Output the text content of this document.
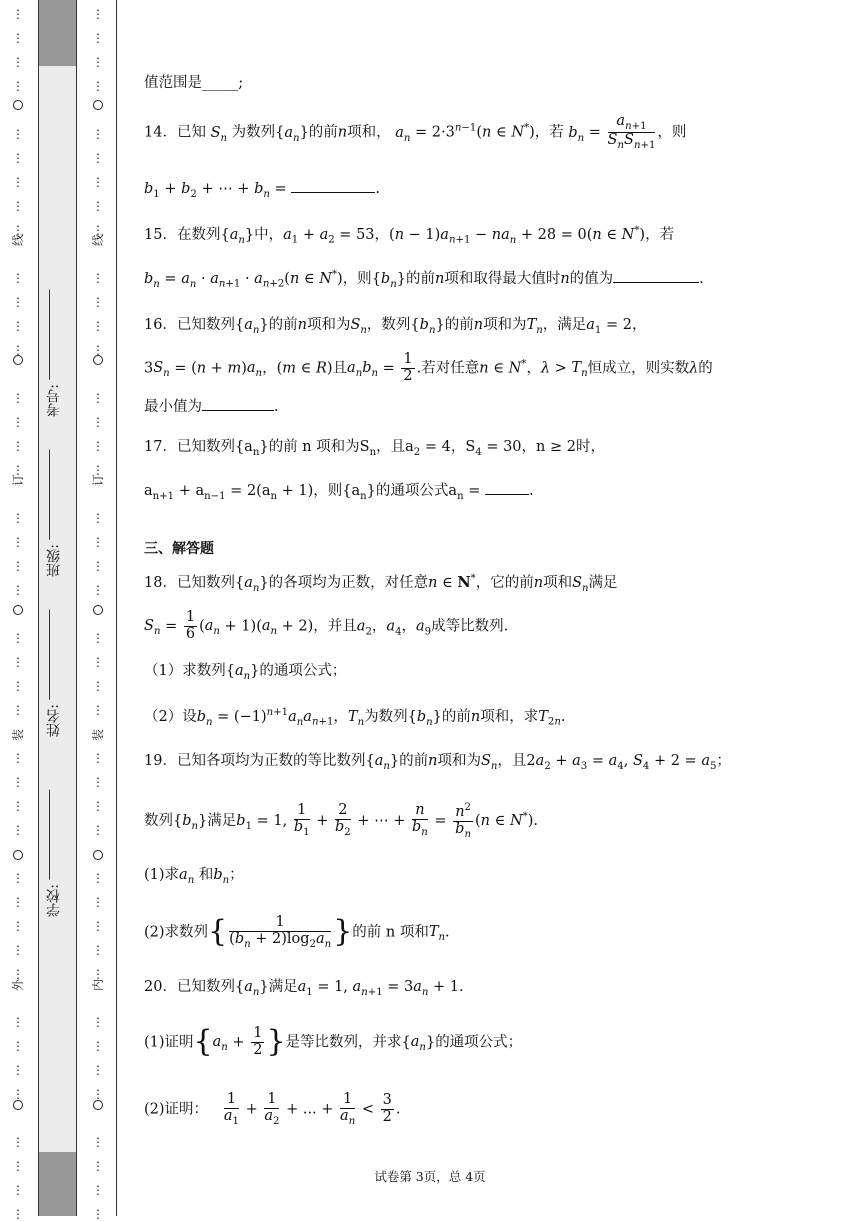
⋮
⋮
⋮
⋮
⋮
⋮
⋮
⋮
⋮
⋮
⋮
⋮
⋮
⋮
⋮
⋮
⋮
⋮
⋮
⋮
⋮
⋮
⋮
⋮
⋮
⋮
⋮
⋮
⋮
⋮
⋮
⋮
⋮
⋮
⋮
⋮
⋮
⋮
⋮
⋮
⋮
⋮
外
装
订
线
⋮
⋮
⋮
⋮
⋮
⋮
⋮
⋮
⋮
⋮
⋮
⋮
⋮
⋮
⋮
⋮
⋮
⋮
⋮
⋮
⋮
⋮
⋮
⋮
⋮
⋮
⋮
⋮
⋮
⋮
⋮
⋮
⋮
⋮
⋮
⋮
⋮
⋮
⋮
⋮
⋮
⋮
内
装
订
线
学校:
姓名:
班级:
考号:
值范围是_____;
14．已知 $S_n$ 为数列$\{a_n\}$的前n项和， $a_n = 2\cdot 3^{n-1}(n$ ∈ N*)，若 $b_n = \frac{a_{n+1}}{S_nS_{n+1}}$ ，则
$b_1 + b_2$ + ⋯ + $b_n$ =	.
15．在数列$\{a_n\}$中，$a_1 + a_2 = 53$，$(n - 1)a_{n+1} - na_n + 28 = 0(n$ ∈ N*)，若
$b_n = a_n \cdot a_{n+1} \cdot a_{n+2}(n$ ∈ N*)，则$\{b_n\}$的前n项和取得最大值时n的值为	.
16．已知数列$\{a_n\}$的前n项和为$S_n$，数列$\{b_n\}$的前n项和为$T_n$，满足$a_1 = 2$，
$3S_n = (n + m)a_n$，(m ∈ R)且$a_nb_n = \frac{1}{2}$ .若对任意n ∈ N*，$\lambda > T_n$恒成立，则实数λ的
最小值为	.
17．已知数列$\{a_n\}$的前 n 项和为$S_n$，且$a_2 = 4$，$S_4 = 30$，n ≥ 2时，
$a_{n+1} + a_{n-1} = 2(a_n + 1)$，则$\{a_n\}$的通项公式$a_n$ =	.
三、解答题
18．已知数列$\{a_n\}$的各项均为正数，对任意n ∈ N*，它的前n项和$S_n$满足
$S_n = \frac{1}{6} (a_n + 1)(a_n + 2)$，并且$a_2$，$a_4$，$a_9$成等比数列.
（1）求数列$\{a_n\}$的通项公式；
（2）设$b_n = (-1)^{n+1}a_na_{n+1}$，$T_n$为数列$\{b_n\}$的前n项和，求$T_{2n}$.
19．已知各项均为正数的等比数列$\{a_n\}$的前n项和为$S_n$，且$2a_2 + a_3 = a_4$, $S_4 + 2 = a_5$；
数列$\{b_n\}$满足$b_1 = 1$, $\frac{1}{b_1} + \frac{2}{b_2}$ + ⋯ + $\frac{n}{b_n} = \frac{n^2}{b_n} (n$ ∈ N*).
(1)求$a_n$ 和$b_n$；
(2)求数列{ $\frac{1}{(b_n + 2)\log_2a_n}$ }的前 n 项和$T_n$.
20．已知数列$\{a_n\}$满足$a_1 = 1$, $a_{n+1} = 3a_n + 1$.
(1)证明{$a_n + \frac{1}{2}$ }是等比数列，并求$\{a_n\}$的通项公式；
(2)证明： $\frac{1}{a_1} + \frac{1}{a_2}$ + ... + $\frac{1}{a_n} < \frac{3}{2}$ .
试卷第 3页，总 4页
